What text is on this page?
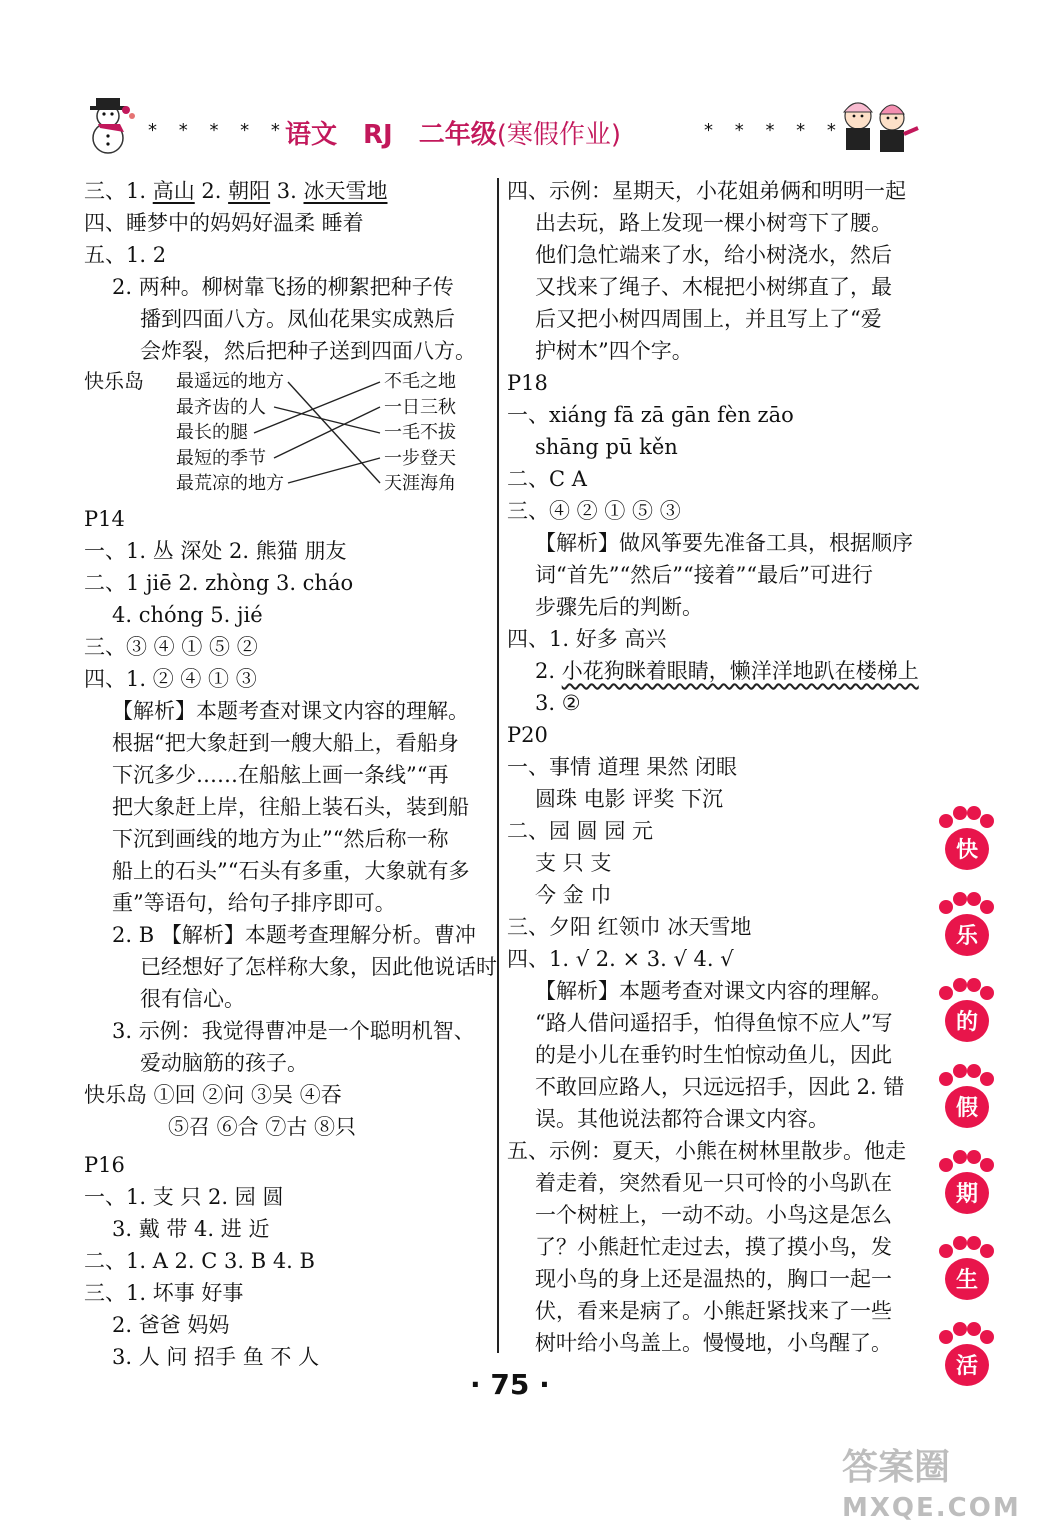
* * * * *
语文 RJ 二年级(寒假作业)	* * * * *
三、1. 高山 2. 朝阳 3. 冰天雪地
四、睡梦中的妈妈好温柔 睡着
五、1. 2
2. 两种。柳树靠飞扬的柳絮把种子传
播到四面八方。凤仙花果实成熟后
会炸裂，然后把种子送到四面八方。
快乐岛 最遥远的地方
最齐齿的人
最长的腿
最短的季节
最荒凉的地方
不毛之地
一日三秋
一毛不拔
一步登天
天涯海角
P14
一、1. 丛 深处 2. 熊猫 朋友
二、1 jiē 2. zhòng 3. cháo
4. chóng 5. jié
三、③ ④ ① ⑤ ②
四、1. ② ④ ① ③
【解析】本题考查对课文内容的理解。
根据“把大象赶到一艘大船上，看船身
下沉多少……在船舷上画一条线”“再
把大象赶上岸，往船上装石头，装到船
下沉到画线的地方为止”“然后称一称
船上的石头”“石头有多重，大象就有多
重”等语句，给句子排序即可。
2. B 【解析】本题考查理解分析。曹冲
已经想好了怎样称大象，因此他说话时
很有信心。
3. 示例：我觉得曹冲是一个聪明机智、
爱动脑筋的孩子。
快乐岛 ①回 ②问 ③吴 ④吞
⑤召 ⑥合 ⑦古 ⑧只
P16
一、1. 支 只 2. 园 圆
3. 戴 带 4. 进 近
二、1. A 2. C 3. B 4. B
三、1. 坏事 好事
2. 爸爸 妈妈
3. 人 问 招手 鱼 不 人
四、示例：星期天，小花姐弟俩和明明一起
出去玩，路上发现一棵小树弯下了腰。
他们急忙端来了水，给小树浇水，然后
又找来了绳子、木棍把小树绑直了，最
后又把小树四周围上，并且写上了“爱
护树木”四个字。
P18
一、xiáng fā zā gān fèn zāo
shāng pū kěn
二、C A
三、④ ② ① ⑤ ③
【解析】做风筝要先准备工具，根据顺序
词“首先”“然后”“接着”“最后”可进行
步骤先后的判断。
四、1. 好多 高兴
2. 小花狗眯着眼睛，懒洋洋地趴在楼梯上
3. ②
P20
一、事情 道理 果然 闭眼
圆珠 电影 评奖 下沉
二、园 圆 园 元
支 只 支
今 金 巾
三、夕阳 红领巾 冰天雪地
四、1. √ 2. × 3. √ 4. √
【解析】本题考查对课文内容的理解。
“路人借问遥招手，怕得鱼惊不应人”写
的是小儿在垂钓时生怕惊动鱼儿，因此
不敢回应路人，只远远招手，因此 2. 错
误。其他说法都符合课文内容。
五、示例：夏天，小熊在树林里散步。他走
着走着，突然看见一只可怜的小鸟趴在
一个树桩上，一动不动。小鸟这是怎么
了？小熊赶忙走过去，摸了摸小鸟，发
现小鸟的身上还是温热的，胸口一起一
伏，看来是病了。小熊赶紧找来了一些
树叶给小鸟盖上。慢慢地，小鸟醒了。
快
乐
的
假
期
生
活
· 75 ·
答案圈
MXQE.COM
